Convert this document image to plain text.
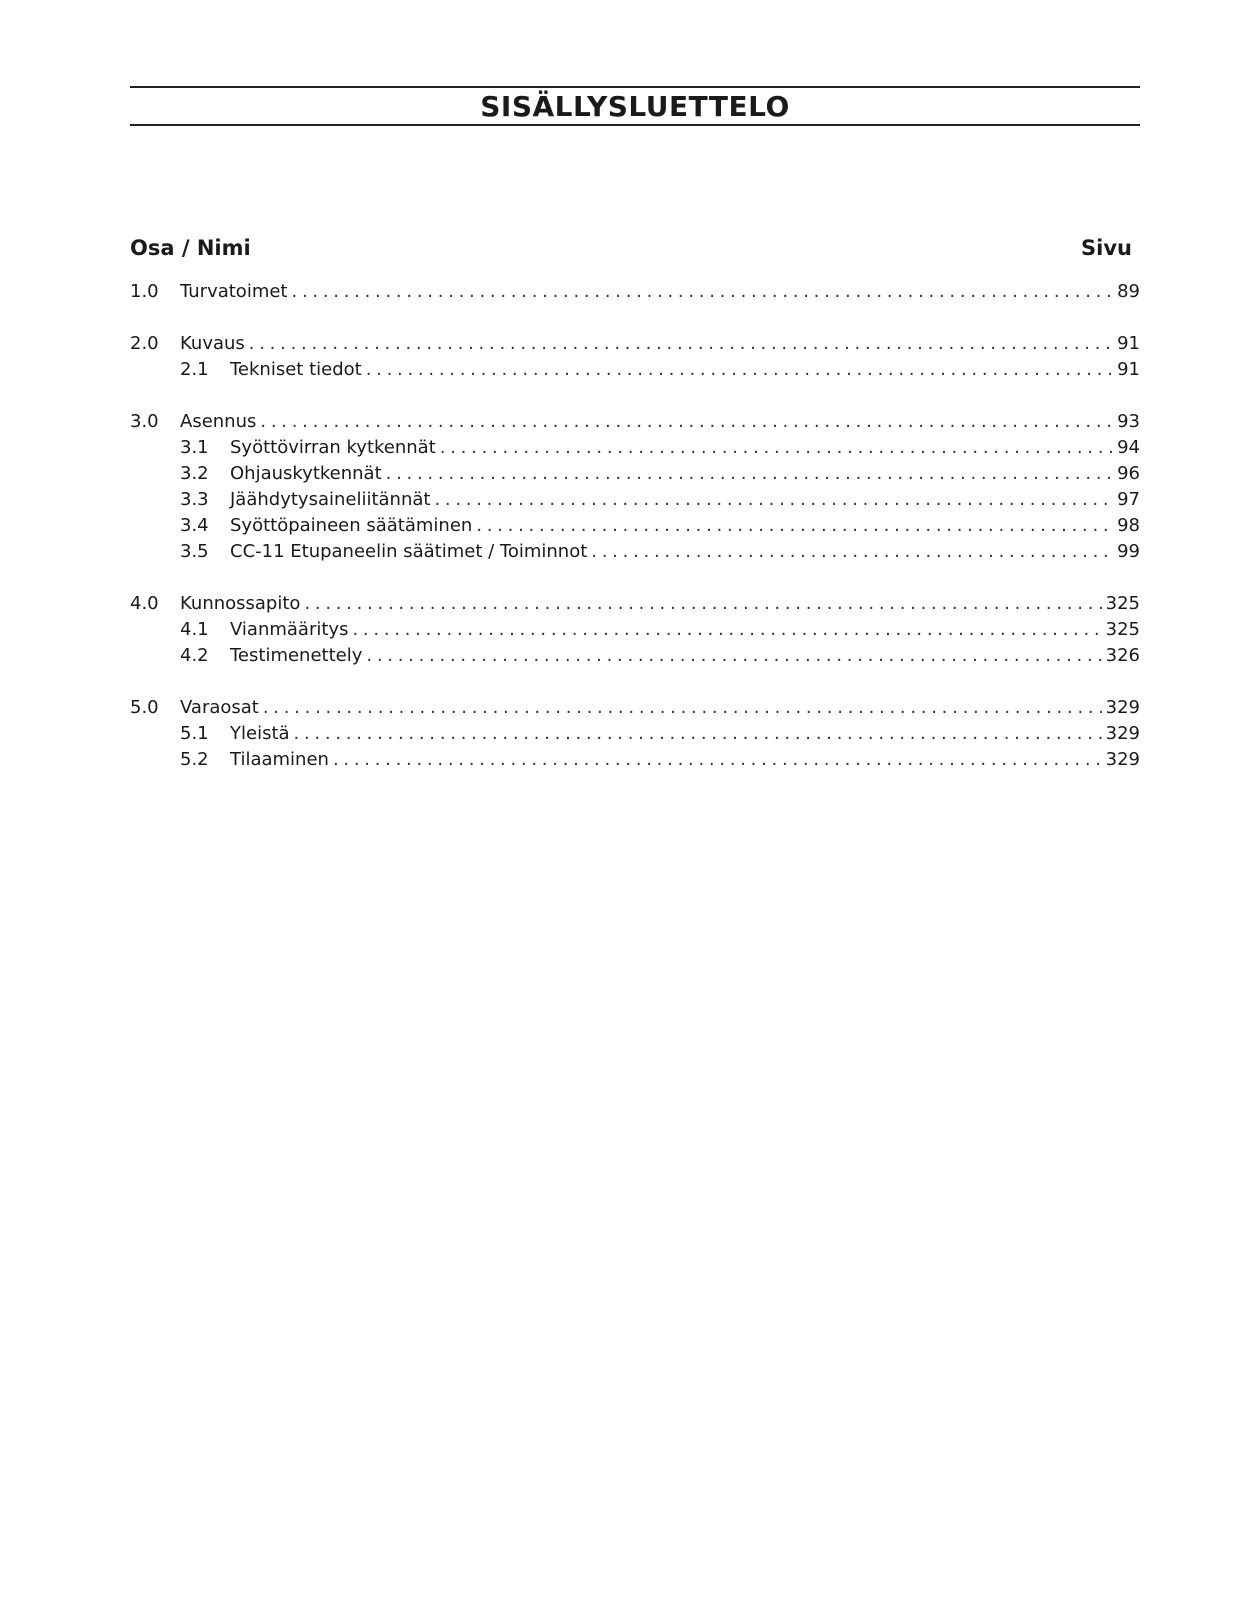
SISÄLLYSLUETTELO
Osa / Nimi	Sivu
1.0 Turvatoimet . . .	89
2.0 Kuvaus . . .	91
2.1 Tekniset tiedot . . .	91
3.0 Asennus . . .	93
3.1 Syöttövirran kytkennät . . .	94
3.2 Ohjauskytkennät . . .	96
3.3 Jäähdytysaineliitännät . . .	97
3.4 Syöttöpaineen säätäminen . . .	98
3.5 CC-11 Etupaneelin säätimet / Toiminnot . . .	99
4.0 Kunnossapito . . .	325
4.1 Vianmääritys . . .	325
4.2 Testimenettely . . .	326
5.0 Varaosat . . .	329
5.1 Yleistä . . .	329
5.2 Tilaaminen . . .	329
